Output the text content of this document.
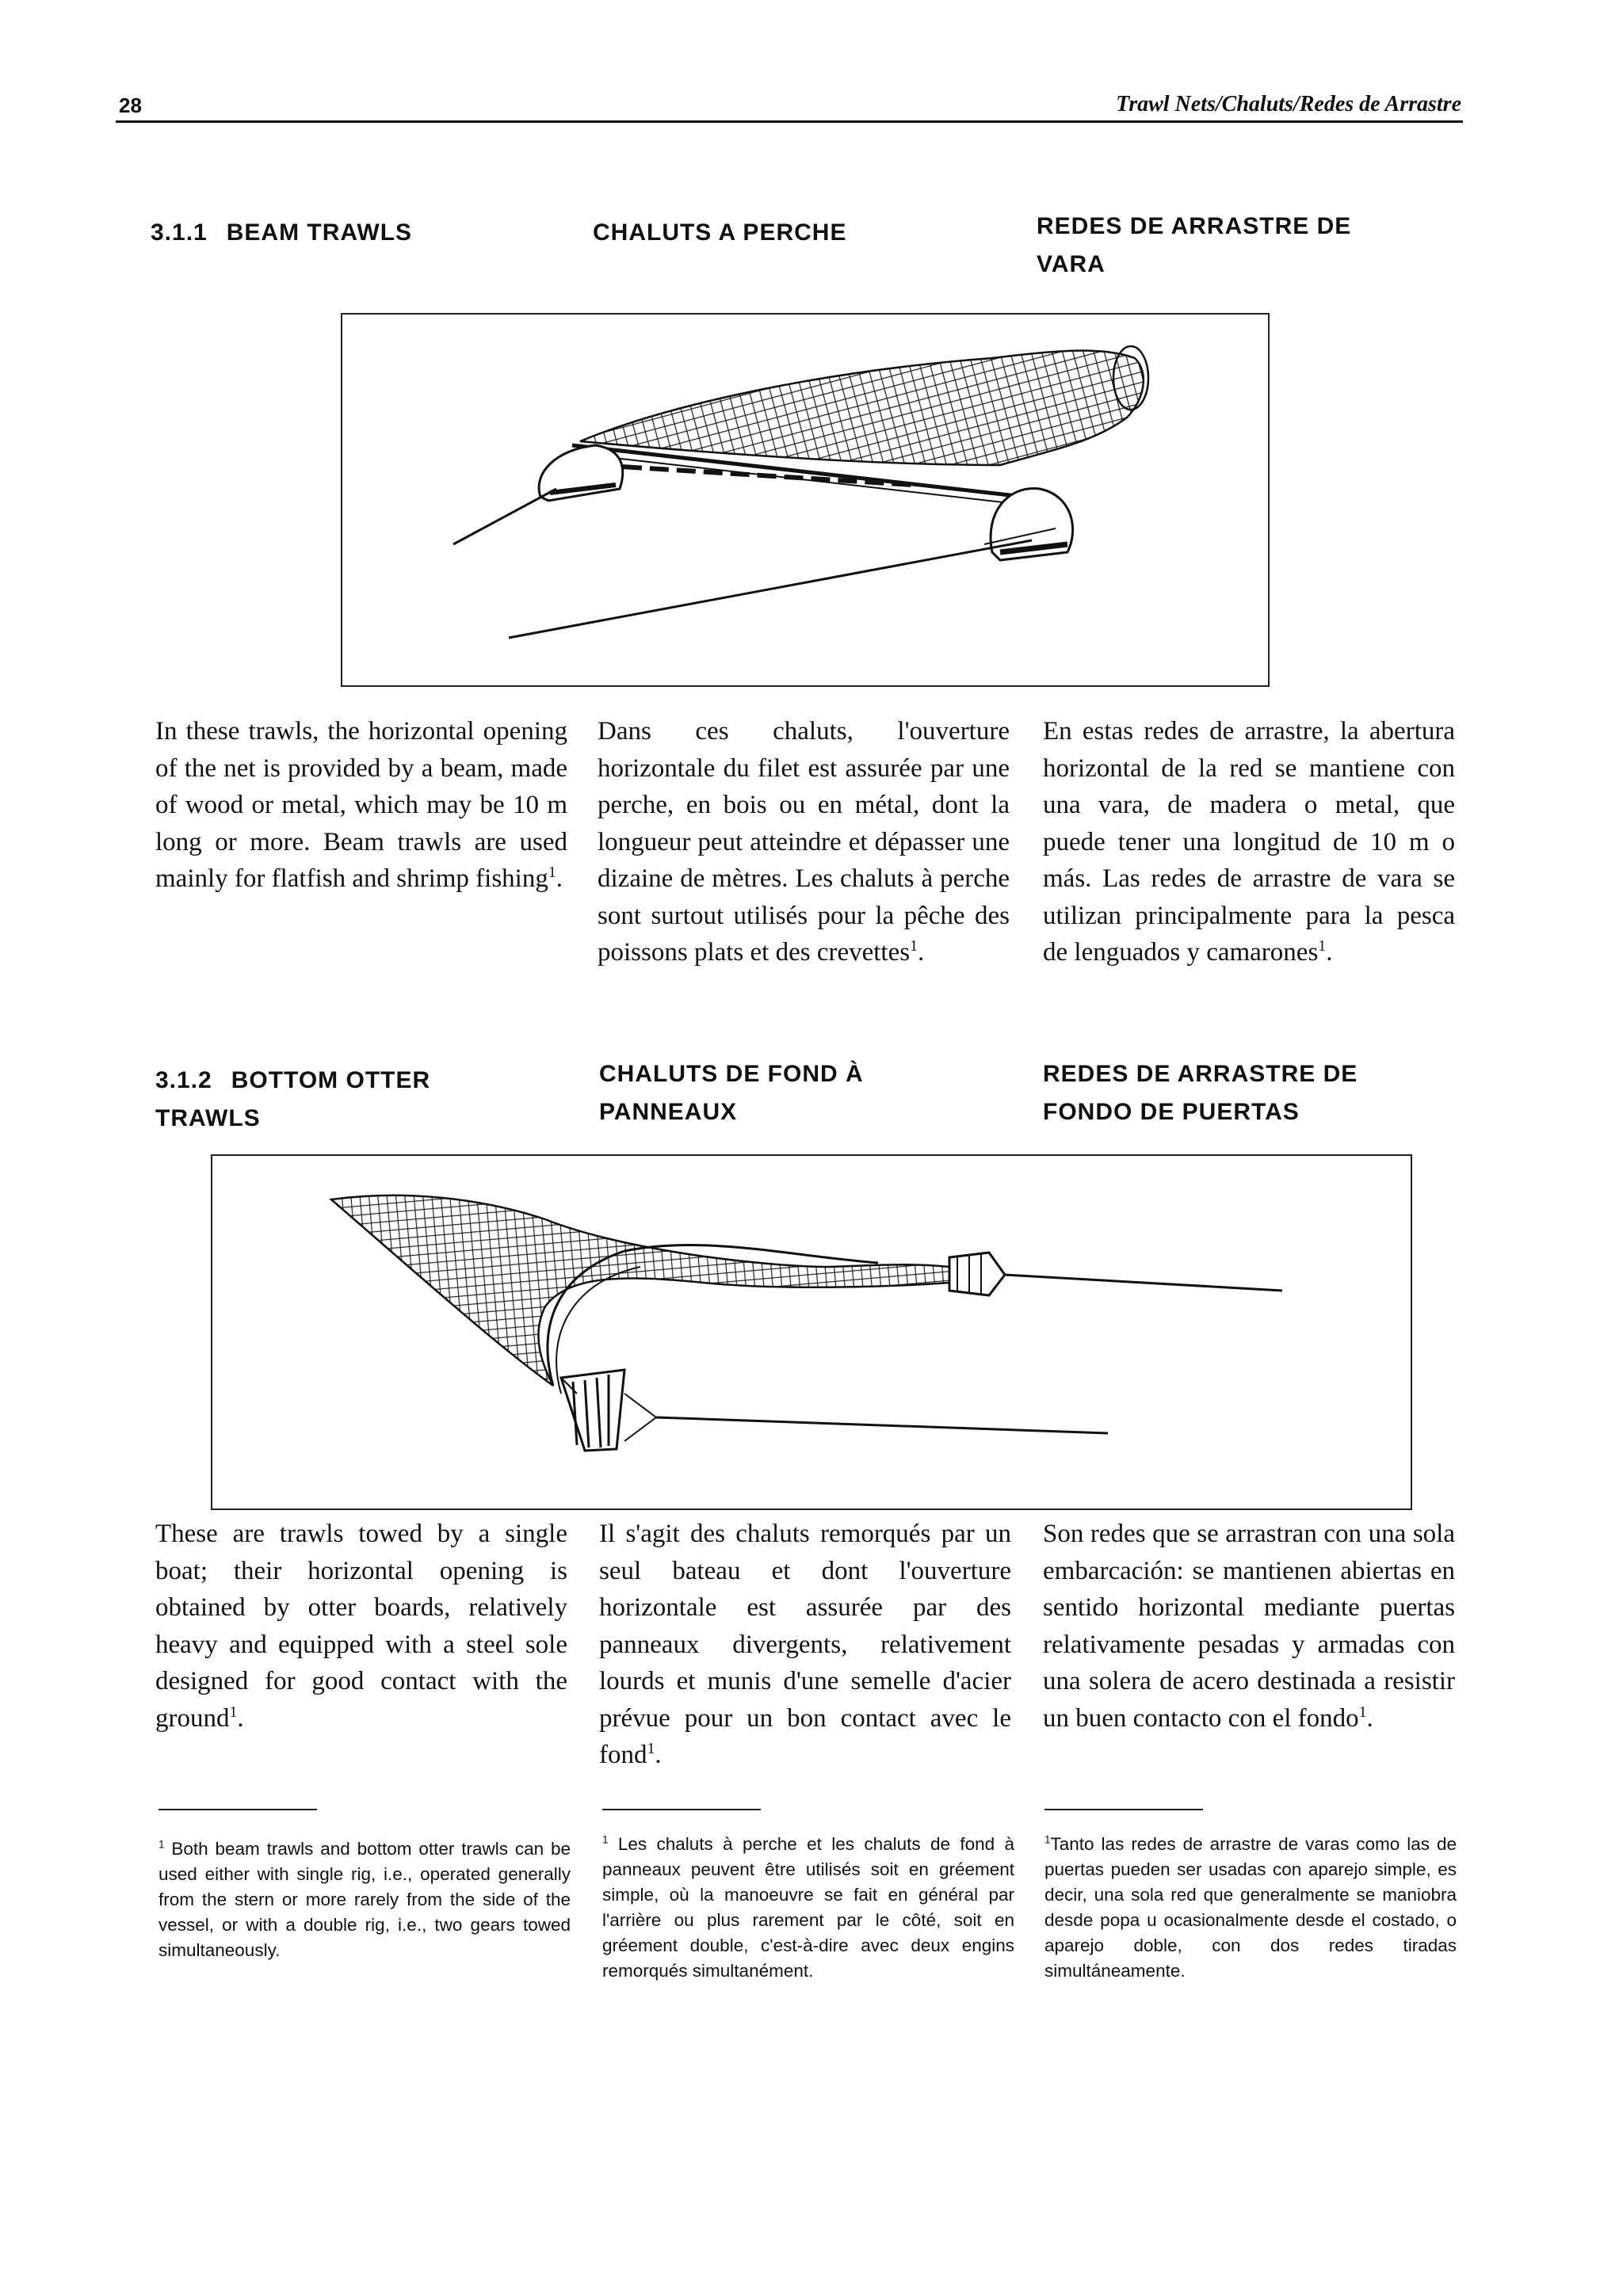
28	Trawl Nets/Chaluts/Redes de Arrastre
3.1.1 BEAM TRAWLS	CHALUTS A PERCHE	REDES DE ARRASTRE DE VARA

In these trawls, the horizontal opening of the net is provided by a beam, made of wood or metal, which may be 10 m long or more. Beam trawls are used mainly for flatfish and shrimp fishing$^1$.

Dans ces chaluts, l'ouverture horizontale du filet est assurée par une perche, en bois ou en métal, dont la longueur peut atteindre et dépasser une dizaine de mètres. Les chaluts à perche sont surtout utilisés pour la pêche des poissons plats et des crevettes$^1$.

En estas redes de arrastre, la abertura horizontal de la red se mantiene con una vara, de madera o metal, que puede tener una longitud de 10 m o más. Las redes de arrastre de vara se utilizan principalmente para la pesca de lenguados y camarones$^1$.

3.1.2 BOTTOM OTTER TRAWLS
CHALUTS DE FOND À PANNEAUX
REDES DE ARRASTRE DE FONDO DE PUERTAS

These are trawls towed by a single boat; their horizontal opening is obtained by otter boards, relatively heavy and equipped with a steel sole designed for good contact with the ground$^1$.

Il s'agit des chaluts remorqués par un seul bateau et dont l'ouverture horizontale est assurée par des panneaux divergents, relativement lourds et munis d'une semelle d'acier prévue pour un bon contact avec le fond$^1$.

Son redes que se arrastran con una sola embarcación: se mantienen abiertas en sentido horizontal mediante puertas relativamente pesadas y armadas con una solera de acero destinada a resistir un buen contacto con el fondo$^1$.

$^1$ Both beam trawls and bottom otter trawls can be used either with single rig, i.e., operated generally from the stern or more rarely from the side of the vessel, or with a double rig, i.e., two gears towed simultaneously.

$^1$ Les chaluts à perche et les chaluts de fond à panneaux peuvent être utilisés soit en gréement simple, où la manoeuvre se fait en général par l'arrière ou plus rarement par le côté, soit en gréement double, c'est-à-dire avec deux engins remorqués simultanément.

$^1$Tanto las redes de arrastre de varas como las de puertas pueden ser usadas con aparejo simple, es decir, una sola red que generalmente se maniobra desde popa u ocasionalmente desde el costado, o aparejo doble, con dos redes tiradas simultáneamente.
